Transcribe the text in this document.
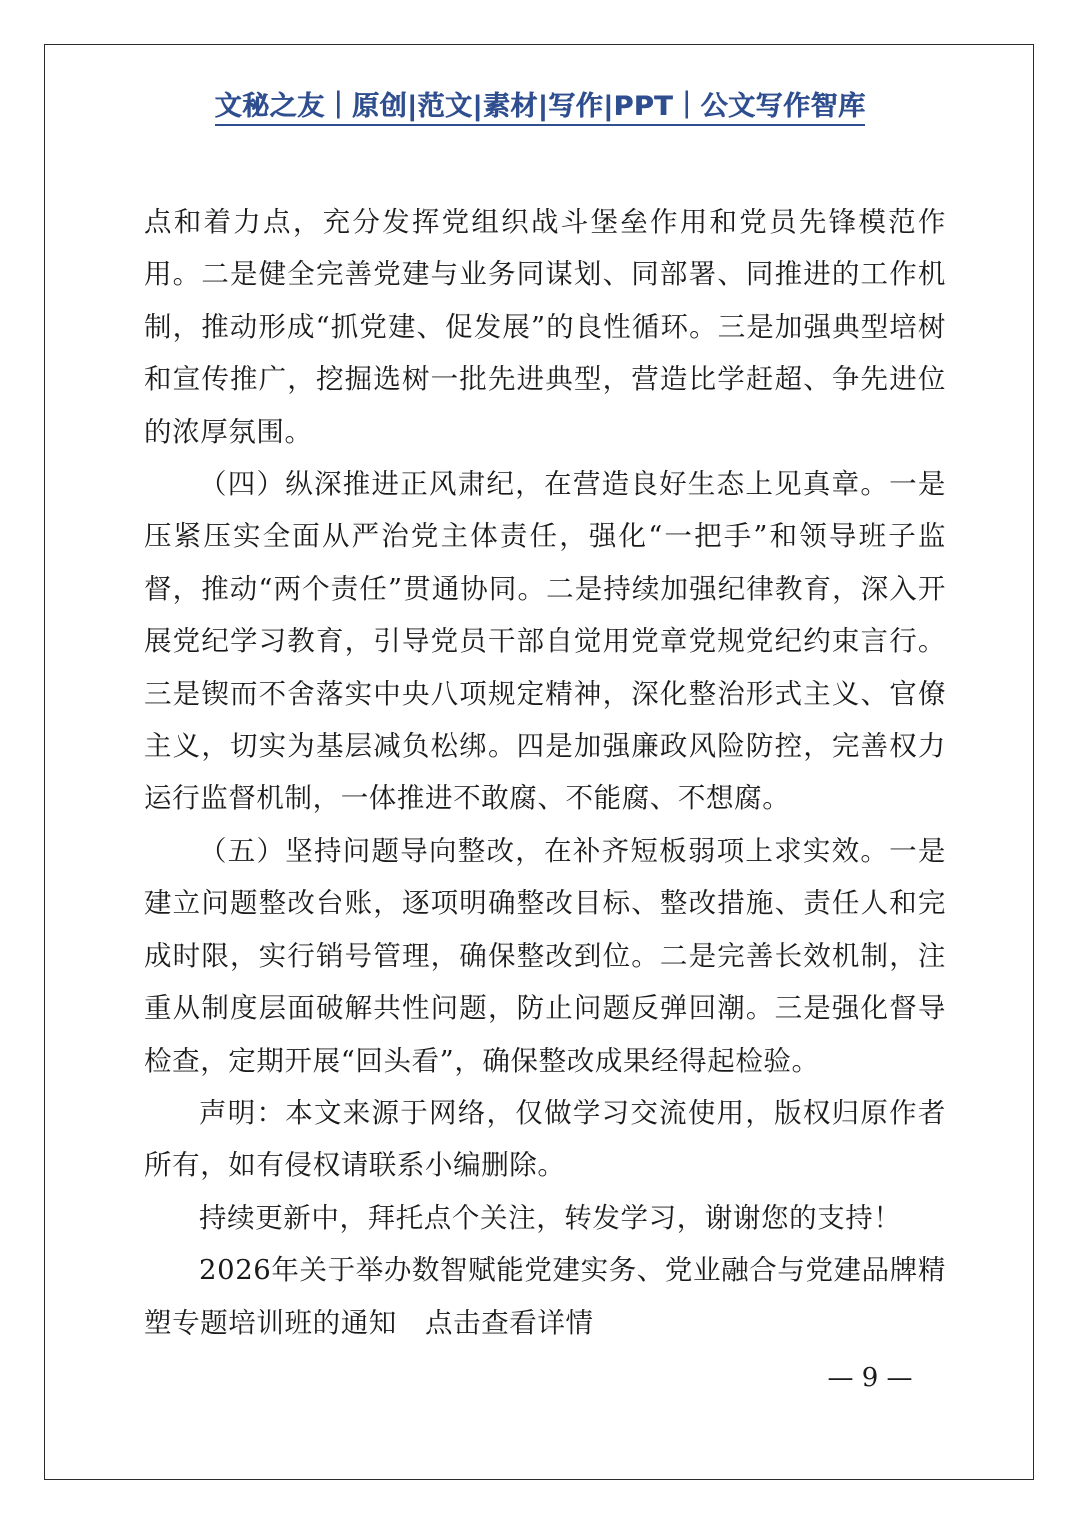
文秘之友｜原创|范文|素材|写作|PPT｜公文写作智库

点和着力点，充分发挥党组织战斗堡垒作用和党员先锋模范作用。二是健全完善党建与业务同谋划、同部署、同推进的工作机制，推动形成“抓党建、促发展”的良性循环。三是加强典型培树和宣传推广，挖掘选树一批先进典型，营造比学赶超、争先进位的浓厚氛围。

（四）纵深推进正风肃纪，在营造良好生态上见真章。一是压紧压实全面从严治党主体责任，强化“一把手”和领导班子监督，推动“两个责任”贯通协同。二是持续加强纪律教育，深入开展党纪学习教育，引导党员干部自觉用党章党规党纪约束言行。三是锲而不舍落实中央八项规定精神，深化整治形式主义、官僚主义，切实为基层减负松绑。四是加强廉政风险防控，完善权力运行监督机制，一体推进不敢腐、不能腐、不想腐。

（五）坚持问题导向整改，在补齐短板弱项上求实效。一是建立问题整改台账，逐项明确整改目标、整改措施、责任人和完成时限，实行销号管理，确保整改到位。二是完善长效机制，注重从制度层面破解共性问题，防止问题反弹回潮。三是强化督导检查，定期开展“回头看”，确保整改成果经得起检验。

声明：本文来源于网络，仅做学习交流使用，版权归原作者所有，如有侵权请联系小编删除。

持续更新中，拜托点个关注，转发学习，谢谢您的支持！

2026年关于举办数智赋能党建实务、党业融合与党建品牌精塑专题培训班的通知　点击查看详情

— 9 —
